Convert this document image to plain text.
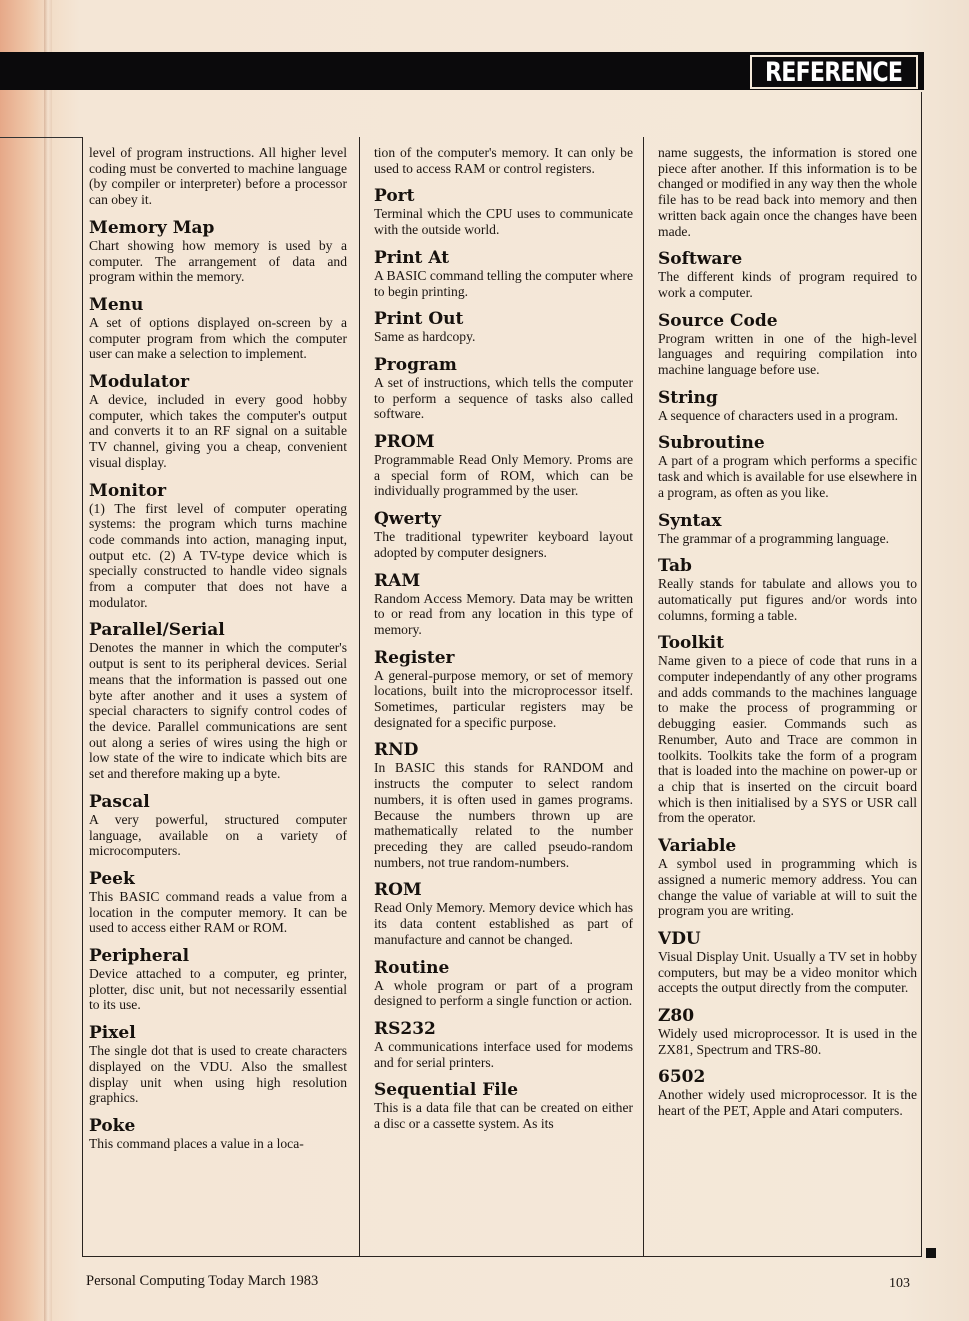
REFERENCE

level of program instructions. All higher level coding must be converted to machine language (by compiler or interpreter) before a processor can obey it.

Memory Map

Chart showing how memory is used by a computer. The arrangement of data and program within the memory.

Menu

A set of options displayed on-screen by a computer program from which the computer user can make a selection to implement.

Modulator

A device, included in every good hobby computer, which takes the computer's output and converts it to an RF signal on a suitable TV channel, giving you a cheap, convenient visual display.

Monitor

(1) The first level of computer operating systems: the program which turns machine code commands into action, managing input, output etc. (2) A TV-type device which is specially constructed to handle video signals from a computer that does not have a modulator.

Parallel/Serial

Denotes the manner in which the computer's output is sent to its peripheral devices. Serial means that the information is passed out one byte after another and it uses a system of special characters to signify control codes of the device. Parallel communications are sent out along a series of wires using the high or low state of the wire to indicate which bits are set and therefore making up a byte.

Pascal

A very powerful, structured computer language, available on a variety of microcomputers.

Peek

This BASIC command reads a value from a location in the computer memory. It can be used to access either RAM or ROM.

Peripheral

Device attached to a computer, eg printer, plotter, disc unit, but not necessarily essential to its use.

Pixel

The single dot that is used to create characters displayed on the VDU. Also the smallest display unit when using high resolution graphics.

Poke

This command places a value in a loca-

tion of the computer's memory. It can only be used to access RAM or control registers.

Port

Terminal which the CPU uses to communicate with the outside world.

Print At

A BASIC command telling the computer where to begin printing.

Print Out

Same as hardcopy.

Program

A set of instructions, which tells the computer to perform a sequence of tasks also called software.

PROM

Programmable Read Only Memory. Proms are a special form of ROM, which can be individually programmed by the user.

Qwerty

The traditional typewriter keyboard layout adopted by computer designers.

RAM

Random Access Memory. Data may be written to or read from any location in this type of memory.

Register

A general-purpose memory, or set of memory locations, built into the microprocessor itself. Sometimes, particular registers may be designated for a specific purpose.

RND

In BASIC this stands for RANDOM and instructs the computer to select random numbers, it is often used in games programs. Because the numbers thrown up are mathematically related to the number preceding they are called pseudo-random numbers, not true random-numbers.

ROM

Read Only Memory. Memory device which has its data content established as part of manufacture and cannot be changed.

Routine

A whole program or part of a program designed to perform a single function or action.

RS232

A communications interface used for modems and for serial printers.

Sequential File

This is a data file that can be created on either a disc or a cassette system. As its

name suggests, the information is stored one piece after another. If this information is to be changed or modified in any way then the whole file has to be read back into memory and then written back again once the changes have been made.

Software

The different kinds of program required to work a computer.

Source Code

Program written in one of the high-level languages and requiring compilation into machine language before use.

String

A sequence of characters used in a program.

Subroutine

A part of a program which performs a specific task and which is available for use elsewhere in a program, as often as you like.

Syntax

The grammar of a programming language.

Tab

Really stands for tabulate and allows you to automatically put figures and/or words into columns, forming a table.

Toolkit

Name given to a piece of code that runs in a computer independantly of any other programs and adds commands to the machines language to make the process of programming or debugging easier. Commands such as Renumber, Auto and Trace are common in toolkits. Toolkits take the form of a program that is loaded into the machine on power-up or a chip that is inserted on the circuit board which is then initialised by a SYS or USR call from the operator.

Variable

A symbol used in programming which is assigned a numeric memory address. You can change the value of variable at will to suit the program you are writing.

VDU

Visual Display Unit. Usually a TV set in hobby computers, but may be a video monitor which accepts the output directly from the computer.

Z80

Widely used microprocessor. It is used in the ZX81, Spectrum and TRS-80.

6502

Another widely used microprocessor. It is the heart of the PET, Apple and Atari computers.

Personal Computing Today March 1983	103
